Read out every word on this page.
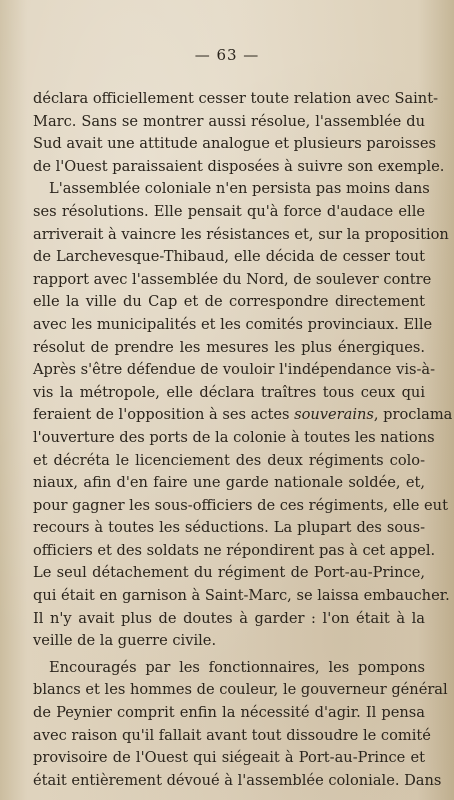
— 63 —
déclara officiellement cesser toute relation avec Saint-
Marc. Sans se montrer aussi résolue, l'assemblée du
Sud avait une attitude analogue et plusieurs paroisses
de l'Ouest paraissaient disposées à suivre son exemple.
L'assemblée coloniale n'en persista pas moins dans
ses résolutions. Elle pensait qu'à force d'audace elle
arriverait à vaincre les résistances et, sur la proposition
de Larchevesque-Thibaud, elle décida de cesser tout
rapport avec l'assemblée du Nord, de soulever contre
elle la ville du Cap et de correspondre directement
avec les municipalités et les comités provinciaux. Elle
résolut de prendre les mesures les plus énergiques.
Après s'être défendue de vouloir l'indépendance vis-à-
vis la métropole, elle déclara traîtres tous ceux qui
feraient de l'opposition à ses actes souverains, proclama
l'ouverture des ports de la colonie à toutes les nations
et décréta le licenciement des deux régiments colo-
niaux, afin d'en faire une garde nationale soldée, et,
pour gagner les sous-officiers de ces régiments, elle eut
recours à toutes les séductions. La plupart des sous-
officiers et des soldats ne répondirent pas à cet appel.
Le seul détachement du régiment de Port-au-Prince,
qui était en garnison à Saint-Marc, se laissa embaucher.
Il n'y avait plus de doutes à garder : l'on était à la
veille de la guerre civile.
Encouragés par les fonctionnaires, les pompons
blancs et les hommes de couleur, le gouverneur général
de Peynier comprit enfin la nécessité d'agir. Il pensa
avec raison qu'il fallait avant tout dissoudre le comité
provisoire de l'Ouest qui siégeait à Port-au-Prince et
était entièrement dévoué à l'assemblée coloniale. Dans
